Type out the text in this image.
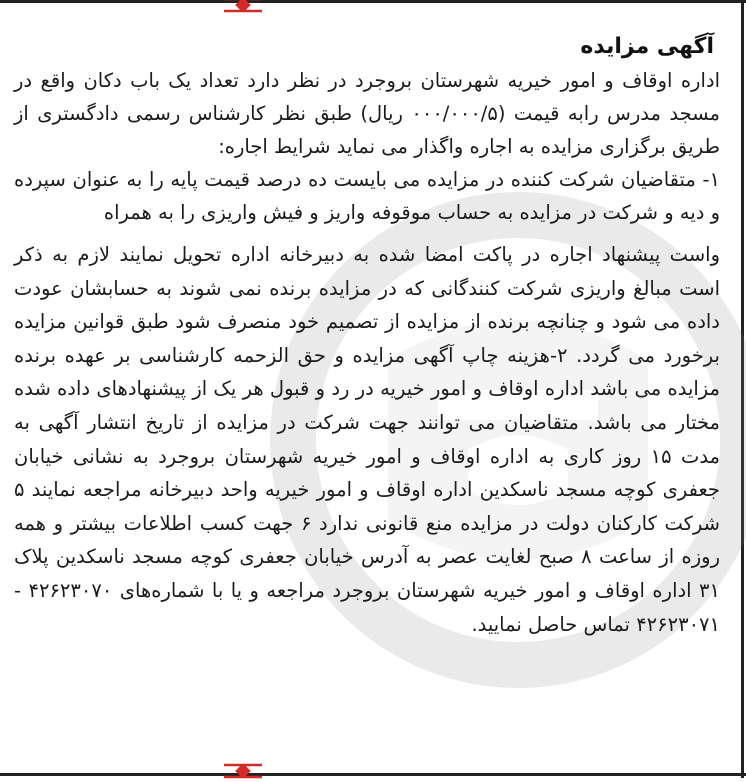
آگهی مزایده

اداره اوقاف و امور خیریه شهرستان بروجرد در نظر دارد تعداد یک باب دکان واقع در مسجد مدرس رابه قیمت (۰۰۰/۰۰۰/۵ ریال) طبق نظر کارشناس رسمی دادگستری از طریق برگزاری مزایده به اجاره واگذار می نماید شرایط اجاره:

۱- متقاضیان شرکت کننده در مزایده می بایست ده درصد قیمت پایه را به عنوان سپرده و دیه و شرکت در مزایده به حساب موقوفه واریز و فیش واریزی را به همراه

واست پیشنهاد اجاره در پاکت امضا شده به دبیرخانه اداره تحویل نمایند لازم به ذکر است مبالغ واریزی شرکت کنندگانی که در مزایده برنده نمی شوند به حسابشان عودت داده می شود و چنانچه برنده از مزایده از تصمیم خود منصرف شود طبق قوانین مزایده برخورد می گردد. ۲-هزینه چاپ آگهی مزایده و حق الزحمه کارشناسی بر عهده برنده مزایده می باشد اداره اوقاف و امور خیریه در رد و قبول هر یک از پیشنهادهای داده شده مختار می باشد. متقاضیان می توانند جهت شرکت در مزایده از تاریخ انتشار آگهی به مدت ۱۵ روز کاری به اداره اوقاف و امور خیریه شهرستان بروجرد به نشانی خیابان جعفری کوچه مسجد ناسکدین اداره اوقاف و امور خیریه واحد دبیرخانه مراجعه نمایند ۵ شرکت کارکنان دولت در مزایده منع قانونی ندارد ۶ جهت کسب اطلاعات بیشتر و همه روزه از ساعت ۸ صبح لغایت عصر به آدرس خیابان جعفری کوچه مسجد ناسکدین پلاک ۳۱ اداره اوقاف و امور خیریه شهرستان بروجرد مراجعه و یا با شماره‌های ۴۲۶۲۳۰۷۰ - ۴۲۶۲۳۰۷۱ تماس حاصل نمایید.
